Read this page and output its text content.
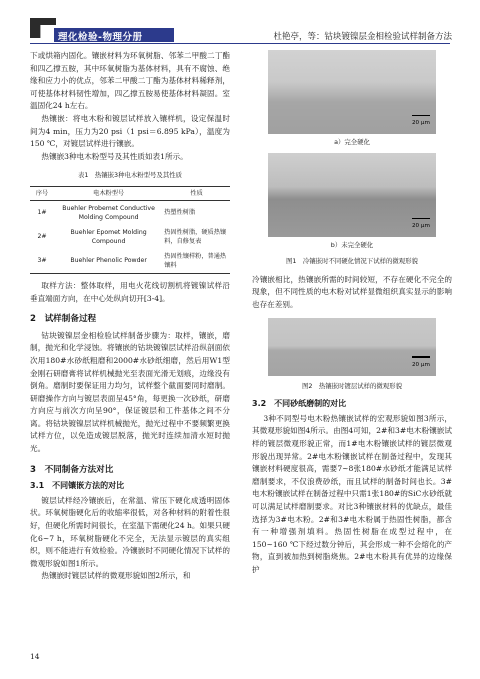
理化检验-物理分册	杜艳亭，等：钴块镀镍层金相检验试样制备方法

下或烘箱内固化。镶嵌材料为环氧树脂、邻苯二甲酸二丁酯和四乙撑五胺，其中环氧树脂为基体材料，具有不腐蚀、绝缘和应力小的优点，邻苯二甲酸二丁酯为基体材料稀释剂，可使基体材料韧性增加，四乙撑五胺易使基体材料凝固。室温固化24 h左右。

热镶嵌：将电木粉和镀层试样放入镶样机，设定保温时间为4 min，压力为20 psi（1 psi＝6.895 kPa），温度为150 ℃，对镀层试样进行镶嵌。

热镶嵌3种电木粉型号及其性质如表1所示。

表1　热镶嵌3种电木粉型号及其性质
序号	电木粉型号	性质
1#	Buehler Probemet Conductive Molding Compound	热塑性树脂
2#	Buehler Epomet Molding Compound	热固性树脂，硬质热镶料，自修复表
3#	Buehler Phenolic Powder	热固性镶样粉，普通热镶料

取样方法：整体取样，用电火花线切割机将镀镍试样沿垂直端面方向，在中心处纵向切开[3-4]。

2　试样制备过程

钴块镀镍层金相检验试样制备步骤为：取样，镶嵌，磨制，抛光和化学浸蚀。将镶嵌的钴块镀镍层试样沿纵剖面依次用180#水砂纸粗磨和2000#水砂纸细磨，然后用W1型金刚石研磨膏将试样机械抛光至表面光滑无划痕，边缘没有倒角。磨制时要保证用力均匀，试样整个截面要同时磨制。研磨操作方向与镀层表面呈45°角，每更换一次砂纸，研磨方向应与前次方向呈90°，保证镀层和工件基体之间不分离。将钴块镀镍层试样机械抛光，抛光过程中不要频繁更换试样方位，以免造成镀层脱落，抛光时连续加清水短时抛光。

3　不同制备方法对比
3.1　不同镶嵌方法的对比

镀层试样经冷镶嵌后，在常温、常压下硬化成透明固体状。环氧树脂硬化后的收缩率很低，对各种材料的附着性很好，但硬化所需时间很长，在室温下需硬化24 h。如果只硬化6~7 h，环氧树脂硬化不完全，无法显示镀层的真实组织，则不能进行有效检验。冷镶嵌时不同硬化情况下试样的微观形貌如图1所示。

热镶嵌时镀层试样的微观形貌如图2所示，和

20 μm
a）完全硬化
20 μm
b）未完全硬化
图1　冷镶嵌时不同硬化情况下试样的微观形貌

冷镶嵌相比，热镶嵌所需的时间较短，不存在硬化不完全的现象，但不同性质的电木粉对试样显微组织真实显示的影响也存在差别。

20 μm
图2　热镶嵌时镀层试样的微观形貌
3.2　不同砂纸磨制的对比

3种不同型号电木粉热镶嵌试样的宏观形貌如图3所示，其微观形貌如图4所示。由图4可知，2#和3#电木粉镶嵌试样的镀层微观形貌正常，而1#电木粉镶嵌试样的镀层微观形貌出现异常。2#电木粉镶嵌试样在制备过程中，发现其镶嵌材料硬度很高，需要7~8张180#水砂纸才能满足试样磨制要求，不仅浪费砂纸，而且试样的制备时间也长。3#电木粉镶嵌试样在制备过程中只需1张180#的SiC水砂纸就可以满足试样磨制要求。对比3种镶嵌材料的优缺点，最佳选择为3#电木粉。2#和3#电木粉属于热固性树脂，都含有一种增强剂填料。热固性树脂在成型过程中，在150~160 ℃下经过数分钟后，其会形成一种不会熔化的产物，直到被加热到树脂烧焦。2#电木粉具有优异的边缘保护

14
